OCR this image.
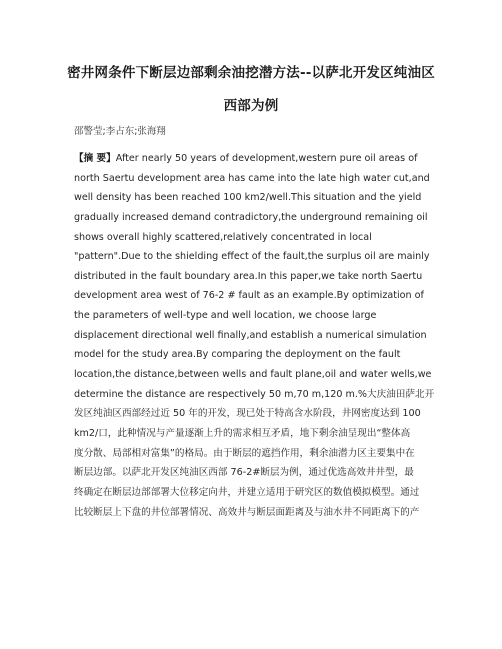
密井网条件下断层边部剩余油挖潜方法--以萨北开发区纯油区
西部为例
邵警莹;李占东;张海翔
【摘 要】After nearly 50 years of development,western pure oil areas of
north Saertu development area has came into the late high water cut,and
well density has been reached 100 km2/well.This situation and the yield
gradually increased demand contradictory,the underground remaining oil
shows overall highly scattered,relatively concentrated in local
"pattern".Due to the shielding effect of the fault,the surplus oil are mainly
distributed in the fault boundary area.In this paper,we take north Saertu
development area west of 76-2 # fault as an example.By optimization of
the parameters of well-type and well location, we choose large
displacement directional well finally,and establish a numerical simulation
model for the study area.By comparing the deployment on the fault
location,the distance,between wells and fault plane,oil and water wells,we
determine the distance are respectively 50 m,70 m,120 m.%大庆油田萨北开
发区纯油区西部经过近 50 年的开发，现已处于特高含水阶段，井网密度达到 100
km2/口，此种情况与产量逐渐上升的需求相互矛盾，地下剩余油呈现出“整体高
度分散、局部相对富集”的格局。由于断层的遮挡作用，剩余油潜力区主要集中在
断层边部。以萨北开发区纯油区西部 76-2#断层为例，通过优选高效井井型，最
终确定在断层边部部署大位移定向井，并建立适用于研究区的数值模拟模型。通过
比较断层上下盘的井位部署情况、高效井与断层面距离及与油水井不同距离下的产
